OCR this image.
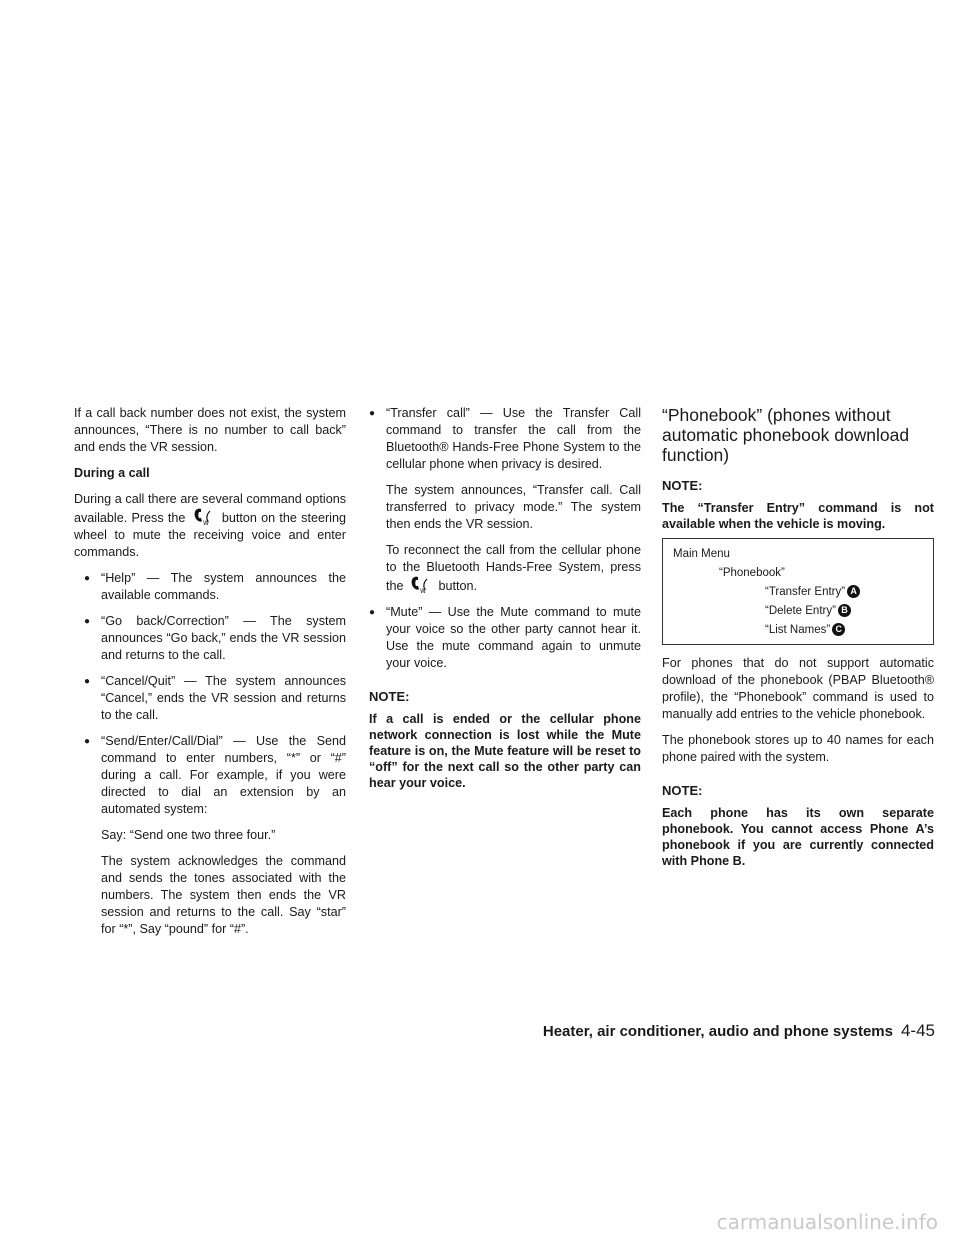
If a call back number does not exist, the system announces, “There is no number to call back” and ends the VR session.

During a call

During a call there are several command options available. Press the	W button on the steering wheel to mute the receiving voice and enter commands.

● “Help” — The system announces the available commands.
● “Go back/Correction” — The system announces “Go back,” ends the VR session and returns to the call.
● “Cancel/Quit” — The system announces “Cancel,” ends the VR session and returns to the call.
● “Send/Enter/Call/Dial” — Use the Send command to enter numbers, “*” or “#” during a call. For example, if you were directed to dial an extension by an automated system:

Say: “Send one two three four.”

The system acknowledges the command and sends the tones associated with the numbers. The system then ends the VR session and returns to the call. Say “star” for “*”, Say “pound” for “#”.

● “Transfer call” — Use the Transfer Call command to transfer the call from the Bluetooth® Hands-Free Phone System to the cellular phone when privacy is desired.

The system announces, “Transfer call. Call transferred to privacy mode.” The system then ends the VR session.

To reconnect the call from the cellular phone to the Bluetooth Hands-Free System, press the	W button.

● “Mute” — Use the Mute command to mute your voice so the other party cannot hear it. Use the mute command again to unmute your voice.
NOTE:
If a call is ended or the cellular phone network connection is lost while the Mute feature is on, the Mute feature will be reset to “off” for the next call so the other party can hear your voice.
“Phonebook” (phones without automatic phonebook download function)
NOTE:
The “Transfer Entry” command is not available when the vehicle is moving.
Main Menu
“Phonebook”
“Transfer Entry” A
“Delete Entry” B
“List Names” C

For phones that do not support automatic download of the phonebook (PBAP Bluetooth® profile), the “Phonebook” command is used to manually add entries to the vehicle phonebook.

The phonebook stores up to 40 names for each phone paired with the system.

NOTE:
Each phone has its own separate phonebook. You cannot access Phone A’s phonebook if you are currently connected with Phone B.
Heater, air conditioner, audio and phone systems 4-45
carmanualsonline.info
